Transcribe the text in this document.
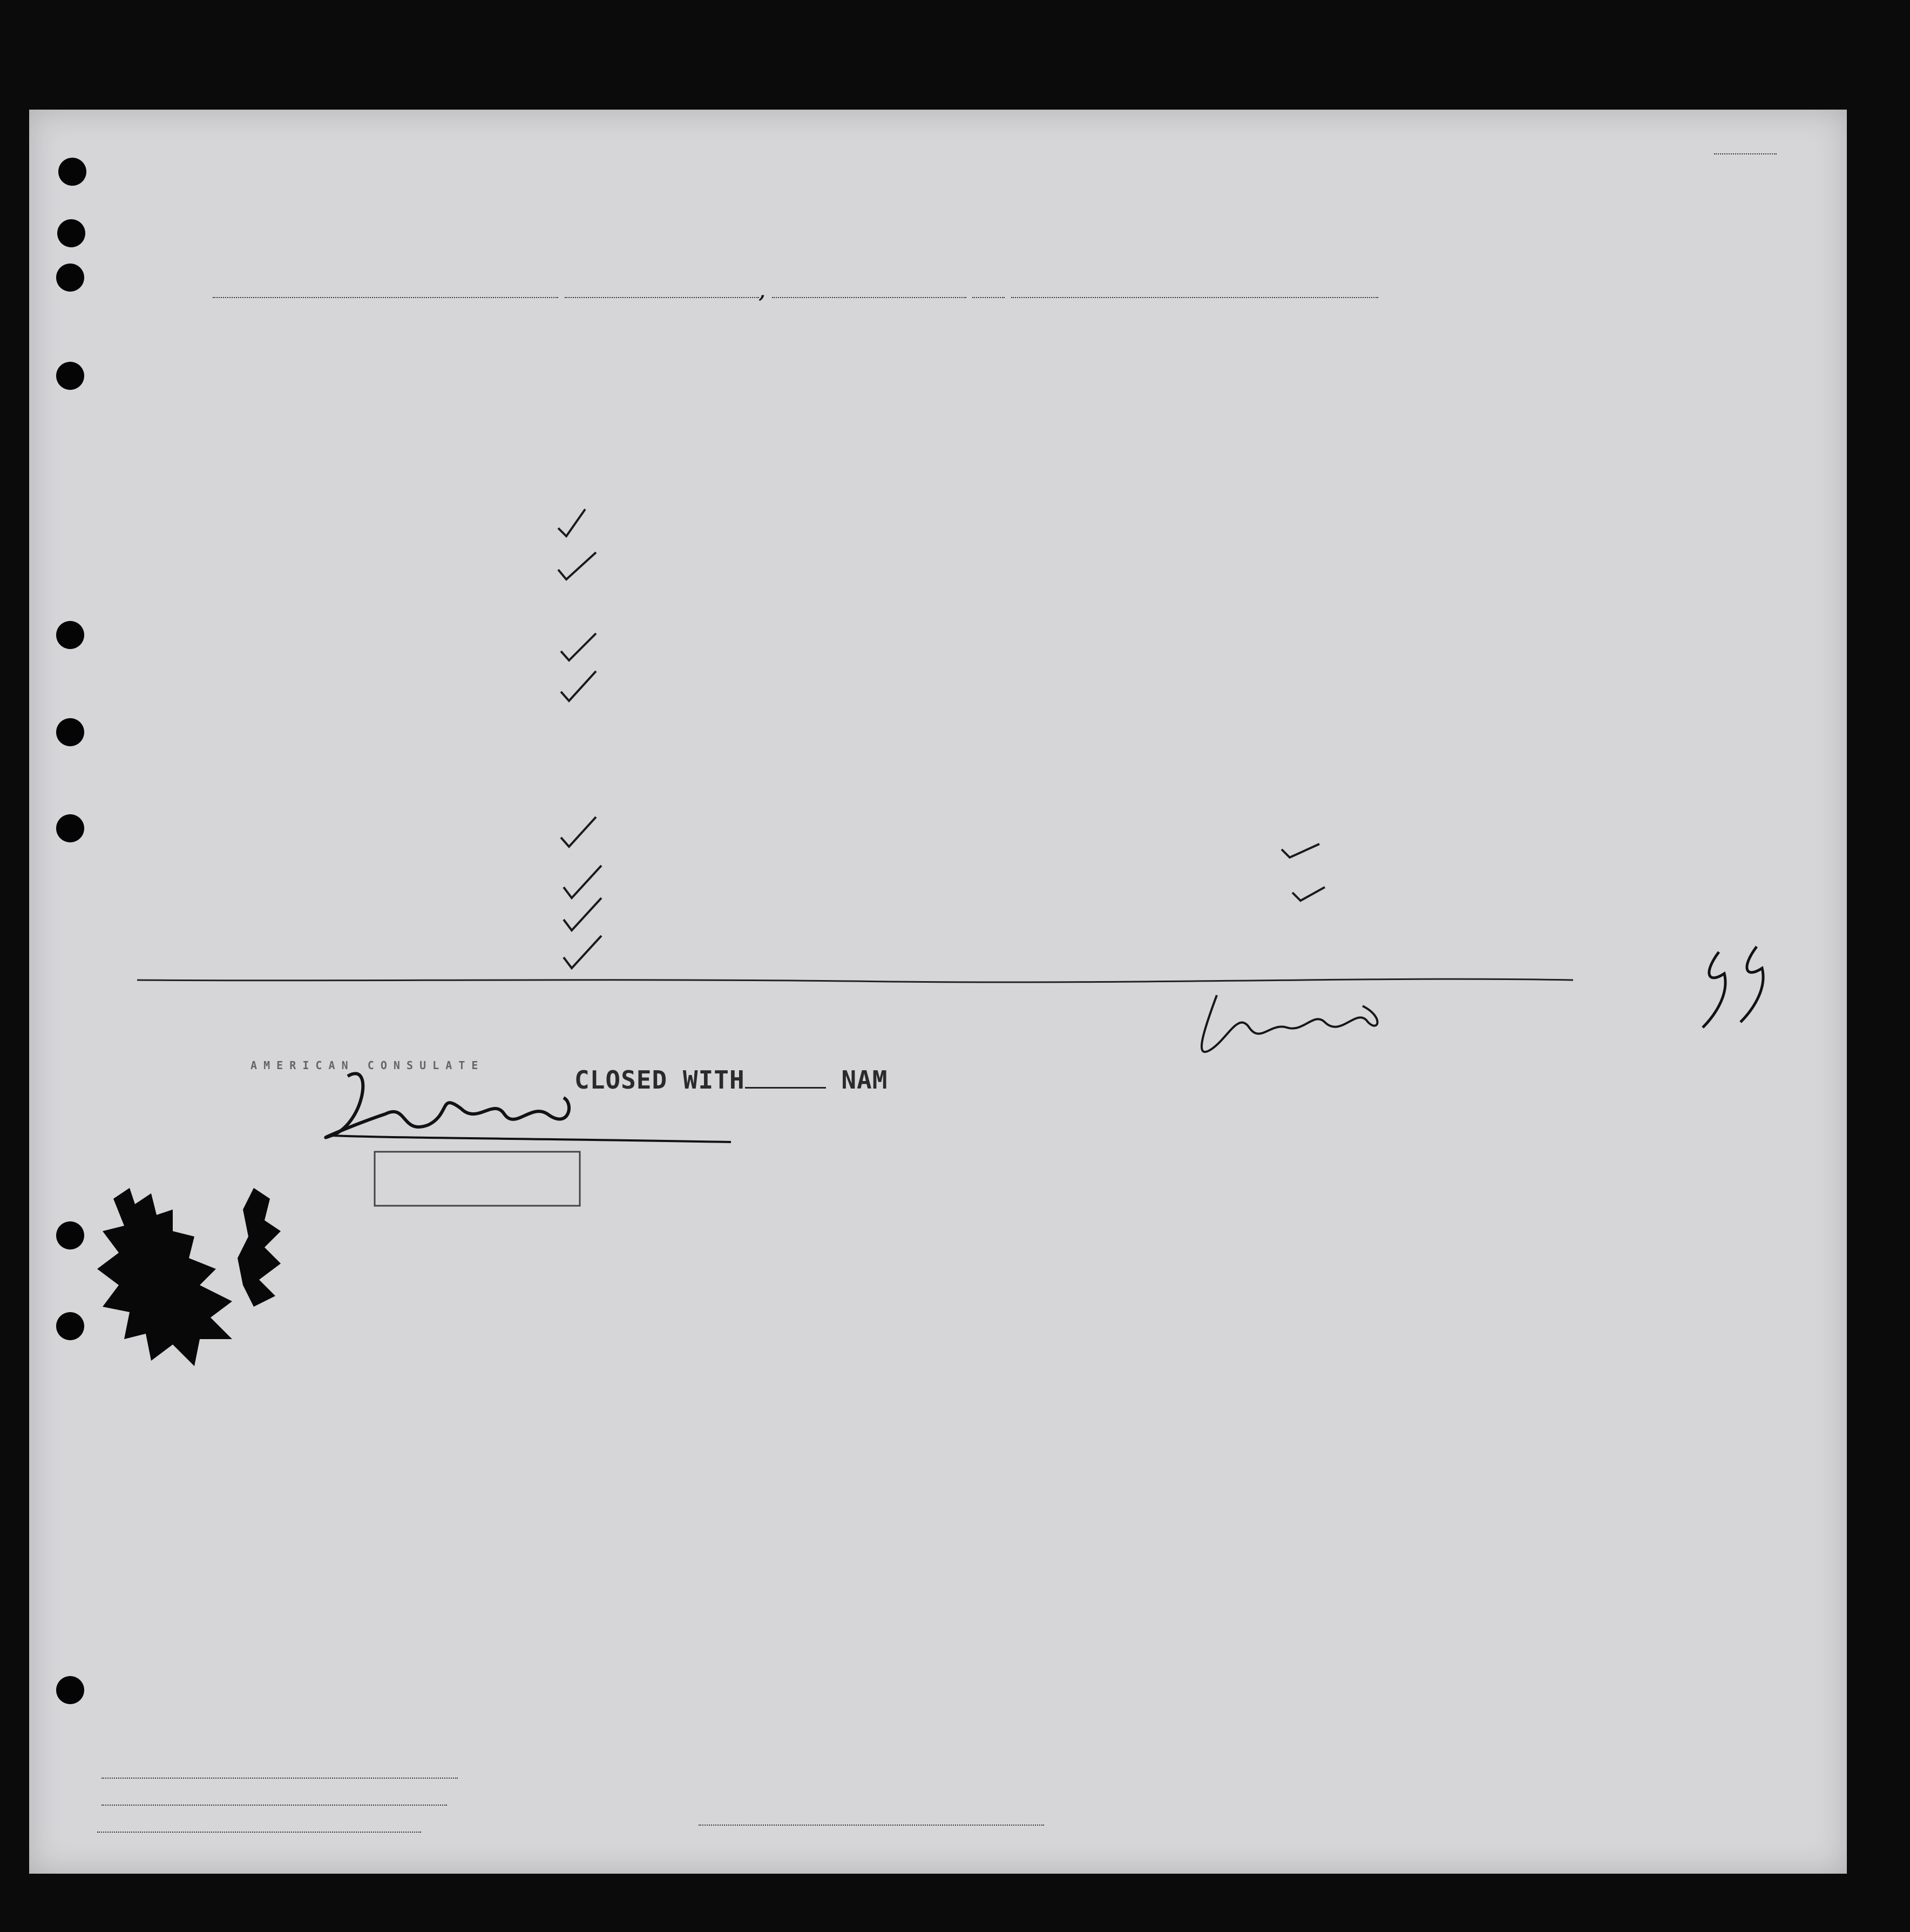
,
A M E R I C A N   C O N S U L A T E	CLOSED WITH	NAM
